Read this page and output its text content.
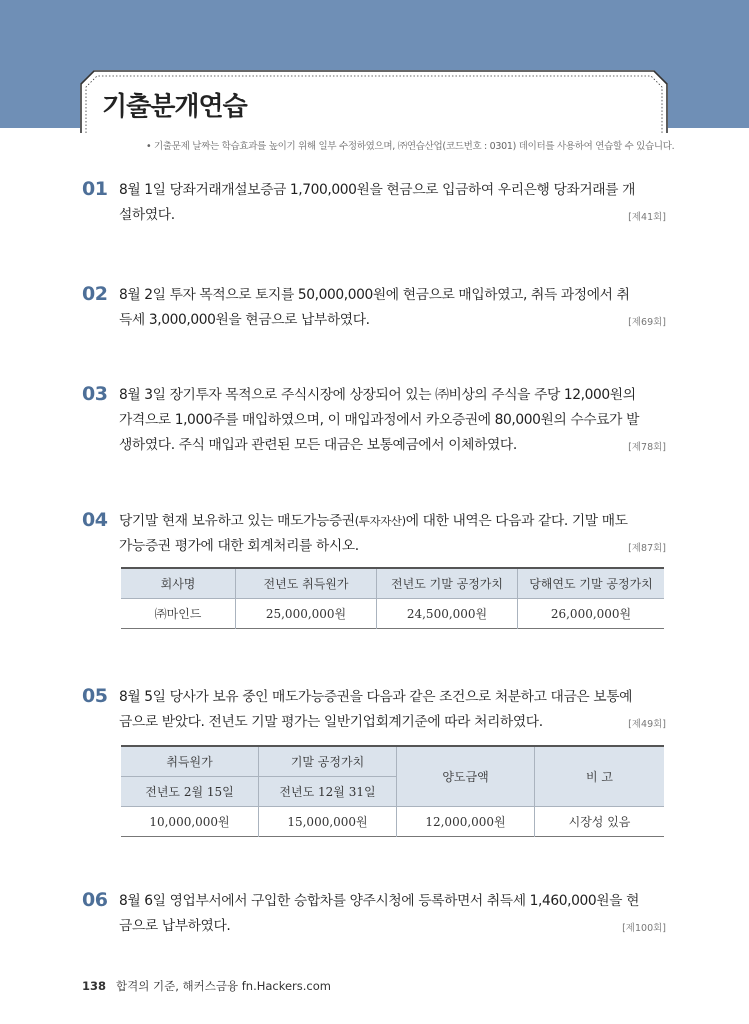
기출분개연습
• 기출문제 날짜는 학습효과를 높이기 위해 일부 수정하였으며, ㈜연습산업(코드번호 : 0301) 데이터를 사용하여 연습할 수 있습니다.
01 8월 1일 당좌거래개설보증금 1,700,000원을 현금으로 입금하여 우리은행 당좌거래를 개
설하였다.	[제41회]
02 8월 2일 투자 목적으로 토지를 50,000,000원에 현금으로 매입하였고, 취득 과정에서 취
득세 3,000,000원을 현금으로 납부하였다.	[제69회]
03 8월 3일 장기투자 목적으로 주식시장에 상장되어 있는 ㈜비상의 주식을 주당 12,000원의
가격으로 1,000주를 매입하였으며, 이 매입과정에서 카오증권에 80,000원의 수수료가 발
생하였다. 주식 매입과 관련된 모든 대금은 보통예금에서 이체하였다.	[제78회]
04 당기말 현재 보유하고 있는 매도가능증권(투자자산)에 대한 내역은 다음과 같다. 기말 매도
가능증권 평가에 대한 회계처리를 하시오.	[제87회]
회사명	전년도 취득원가	전년도 기말 공정가치	당해연도 기말 공정가치
㈜마인드	25,000,000원	24,500,000원	26,000,000원
05 8월 5일 당사가 보유 중인 매도가능증권을 다음과 같은 조건으로 처분하고 대금은 보통예
금으로 받았다. 전년도 기말 평가는 일반기업회계기준에 따라 처리하였다.	[제49회]
취득원가	기말 공정가치	양도금액	비 고
전년도 2월 15일	전년도 12월 31일		
10,000,000원	15,000,000원	12,000,000원	시장성 있음
06 8월 6일 영업부서에서 구입한 승합차를 양주시청에 등록하면서 취득세 1,460,000원을 현
금으로 납부하였다.	[제100회]
138 합격의 기준, 해커스금융 fn.Hackers.com
